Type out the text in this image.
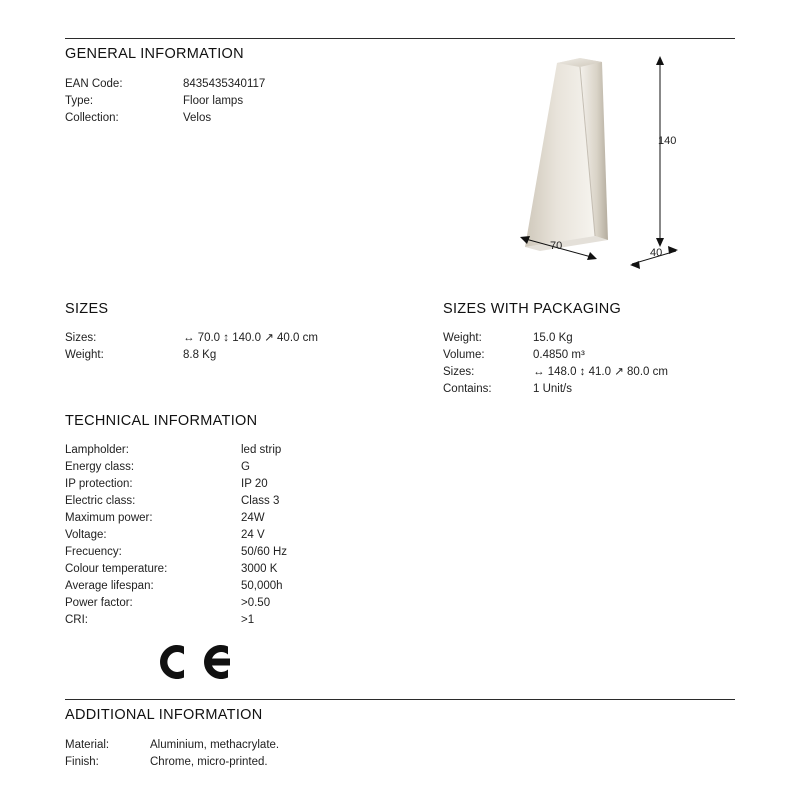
GENERAL INFORMATION
EAN Code:	8435435340117
Type:	Floor lamps
Collection:	Velos
140
70
40
SIZES
Sizes:	↔ 70.0 ↕ 140.0 ↗ 40.0 cm
Weight:	8.8 Kg
SIZES WITH PACKAGING
Weight:	15.0 Kg
Volume:	0.4850 m³
Sizes:	↔ 148.0 ↕ 41.0 ↗ 80.0 cm
Contains:	1 Unit/s
TECHNICAL INFORMATION
Lampholder:	led strip
Energy class:	G
IP protection:	IP 20
Electric class:	Class 3
Maximum power:	24W
Voltage:	24 V
Frecuency:	50/60 Hz
Colour temperature:	3000 K
Average lifespan:	50,000h
Power factor:	>0.50
CRI:	>1
ADDITIONAL INFORMATION
Material:	Aluminium, methacrylate.
Finish:	Chrome, micro-printed.
